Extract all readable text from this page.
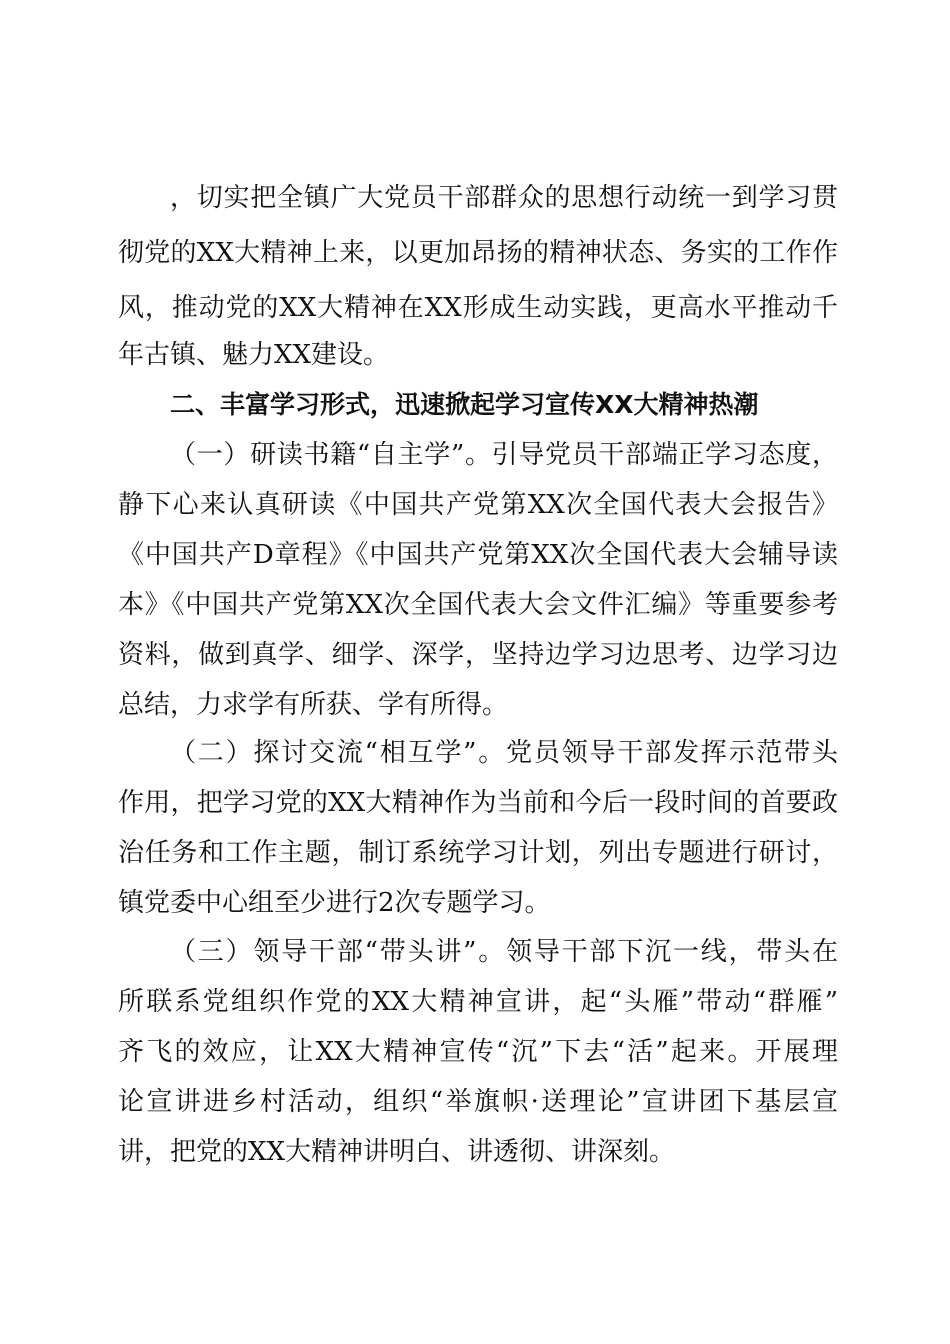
，切实把全镇广大党员干部群众的思想行动统一到学习贯
彻党的XX大精神上来，以更加昂扬的精神状态、务实的工作作
风，推动党的XX大精神在XX形成生动实践，更高水平推动千
年古镇、魅力XX建设。
二、丰富学习形式，迅速掀起学习宣传XX大精神热潮
（一）研读书籍“自主学”。引导党员干部端正学习态度，
静下心来认真研读《中国共产党第XX次全国代表大会报告》
《中国共产D章程》《中国共产党第XX次全国代表大会辅导读
本》《中国共产党第XX次全国代表大会文件汇编》等重要参考
资料，做到真学、细学、深学，坚持边学习边思考、边学习边
总结，力求学有所获、学有所得。
（二）探讨交流“相互学”。党员领导干部发挥示范带头
作用，把学习党的XX大精神作为当前和今后一段时间的首要政
治任务和工作主题，制订系统学习计划，列出专题进行研讨，
镇党委中心组至少进行2次专题学习。
（三）领导干部“带头讲”。领导干部下沉一线，带头在
所联系党组织作党的XX大精神宣讲，起“头雁”带动“群雁”
齐飞的效应，让XX大精神宣传“沉”下去“活”起来。开展理
论宣讲进乡村活动，组织“举旗帜·送理论”宣讲团下基层宣
讲，把党的XX大精神讲明白、讲透彻、讲深刻。
